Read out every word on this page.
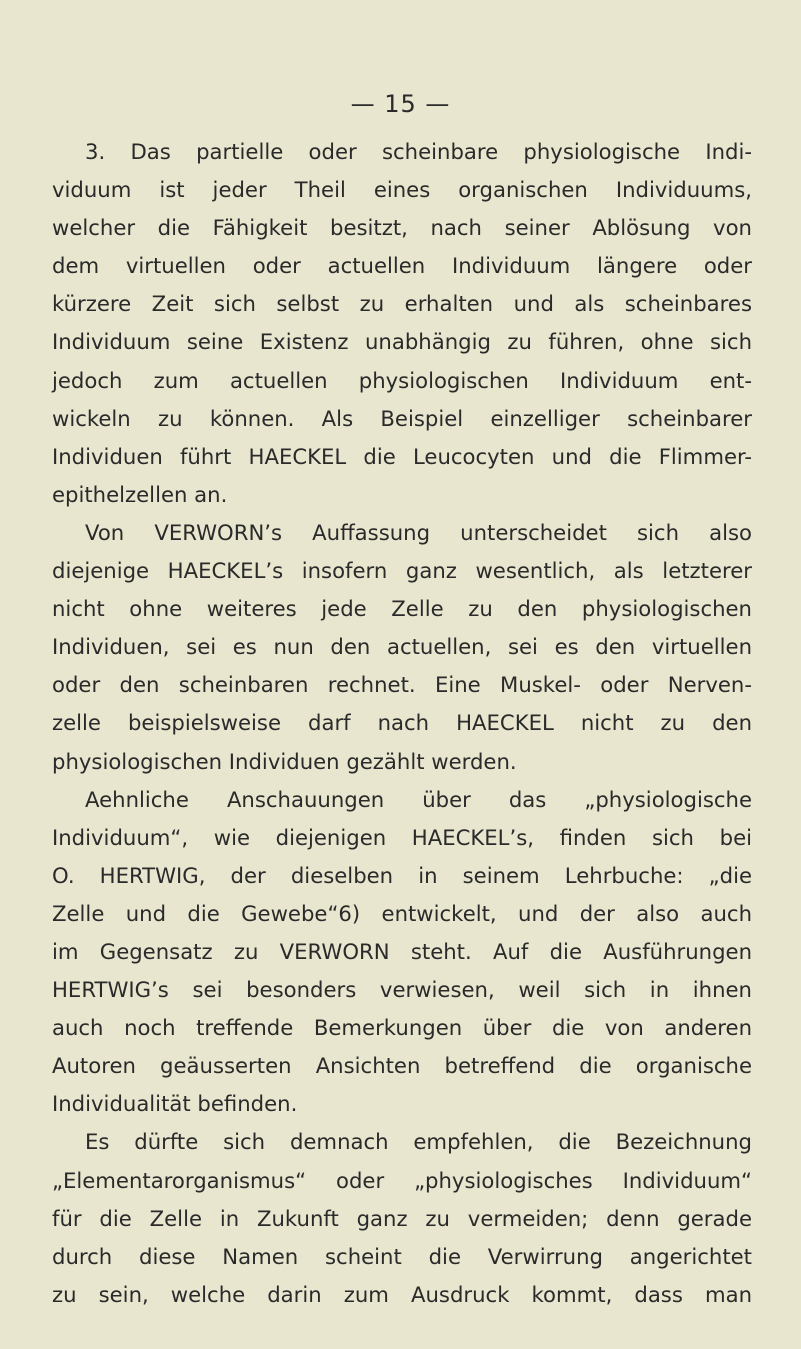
— 15 —
3. Das partielle oder scheinbare physiologische Indi-
viduum ist jeder Theil eines organischen Individuums,
welcher die Fähigkeit besitzt, nach seiner Ablösung von
dem virtuellen oder actuellen Individuum längere oder
kürzere Zeit sich selbst zu erhalten und als scheinbares
Individuum seine Existenz unabhängig zu führen, ohne sich
jedoch zum actuellen physiologischen Individuum ent-
wickeln zu können. Als Beispiel einzelliger scheinbarer
Individuen führt HAECKEL die Leucocyten und die Flimmer-
epithelzellen an.
Von VERWORN’s Auffassung unterscheidet sich also
diejenige HAECKEL’s insofern ganz wesentlich, als letzterer
nicht ohne weiteres jede Zelle zu den physiologischen
Individuen, sei es nun den actuellen, sei es den virtuellen
oder den scheinbaren rechnet. Eine Muskel- oder Nerven-
zelle beispielsweise darf nach HAECKEL nicht zu den
physiologischen Individuen gezählt werden.
Aehnliche Anschauungen über das „physiologische
Individuum“, wie diejenigen HAECKEL’s, finden sich bei
O. HERTWIG, der dieselben in seinem Lehrbuche: „die
Zelle und die Gewebe“6) entwickelt, und der also auch
im Gegensatz zu VERWORN steht. Auf die Ausführungen
HERTWIG’s sei besonders verwiesen, weil sich in ihnen
auch noch treffende Bemerkungen über die von anderen
Autoren geäusserten Ansichten betreffend die organische
Individualität befinden.
Es dürfte sich demnach empfehlen, die Bezeichnung
„Elementarorganismus“ oder „physiologisches Individuum“
für die Zelle in Zukunft ganz zu vermeiden; denn gerade
durch diese Namen scheint die Verwirrung angerichtet
zu sein, welche darin zum Ausdruck kommt, dass man
